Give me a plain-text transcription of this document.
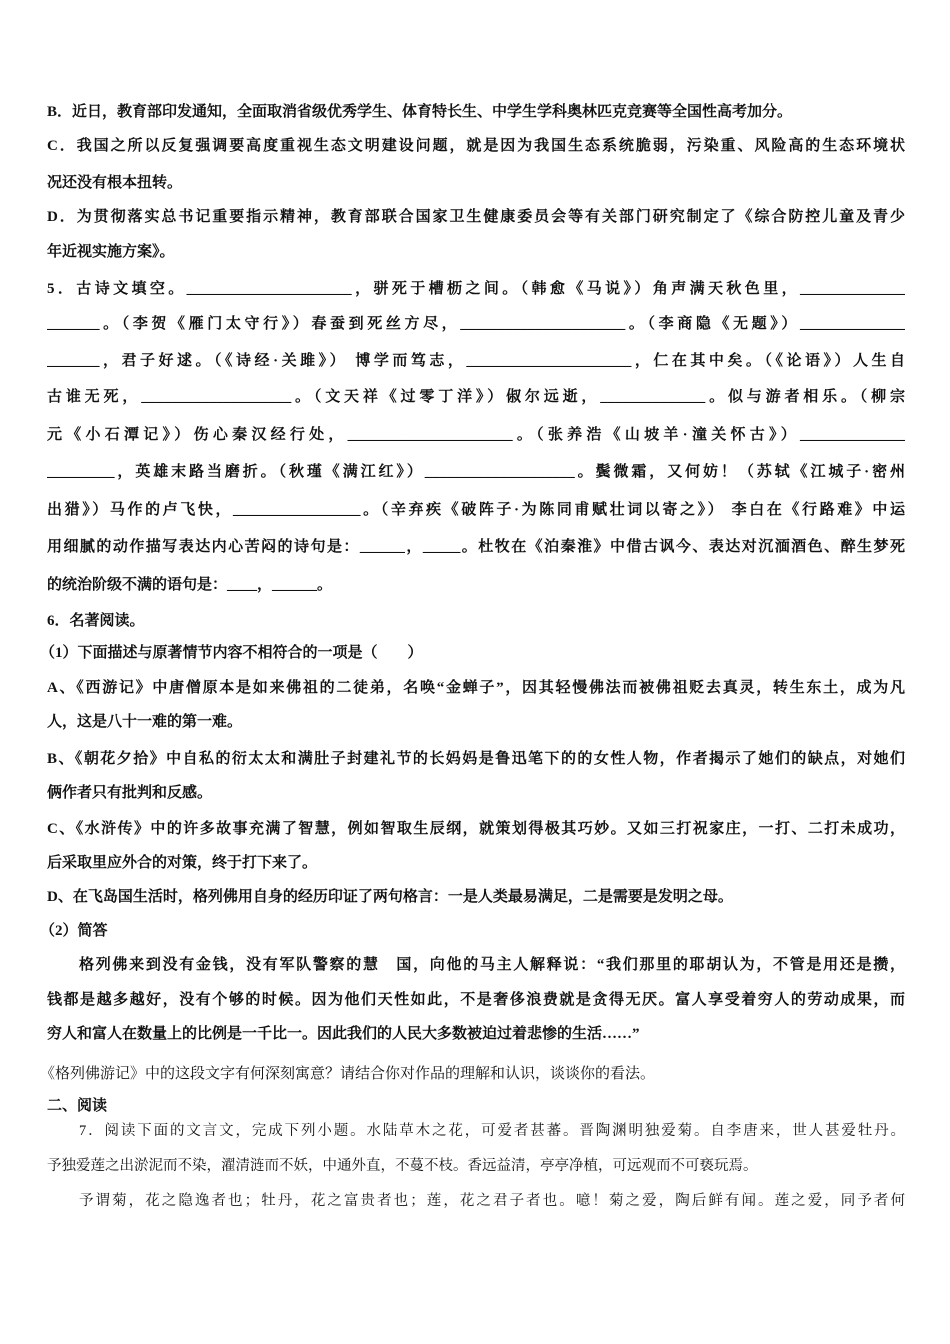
B．近日，教育部印发通知，全面取消省级优秀学生、体育特长生、中学生学科奥林匹克竞赛等全国性高考加分。
C．我国之所以反复强调要高度重视生态文明建设问题，就是因为我国生态系统脆弱，污染重、风险高的生态环境状
况还没有根本扭转。
D．为贯彻落实总书记重要指示精神，教育部联合国家卫生健康委员会等有关部门研究制定了《综合防控儿童及青少
年近视实施方案》。
5．古诗文填空。______________________，骈死于槽枥之间。（韩愈《马说》）角声满天秋色里，______________
_______。（李贺《雁门太守行》）春蚕到死丝方尽，______________________。（李商隐《无题》）______________
_______，君子好逑。（《诗经·关雎》） 博学而笃志，______________________，仁在其中矣。（《论语》）人生自
古谁无死，____________________。（文天祥《过零丁洋》）俶尔远逝，______________。似与游者相乐。（柳宗
元《小石潭记》）伤心秦汉经行处，______________________。（张养浩《山坡羊·潼关怀古》）______________
_________，英雄末路当磨折。（秋瑾《满江红》）____________________。鬓微霜，又何妨！（苏轼《江城子·密州
出猎》）马作的卢飞快，_________________。（辛弃疾《破阵子·为陈同甫赋壮词以寄之》） 李白在《行路难》中运
用细腻的动作描写表达内心苦闷的诗句是：______，_____。杜牧在《泊秦淮》中借古讽今、表达对沉湎酒色、醉生梦死
的统治阶级不满的语句是：____，______。
6．名著阅读。
（1）下面描述与原著情节内容不相符合的一项是（　　）
A、《西游记》中唐僧原本是如来佛祖的二徒弟，名唤“金蝉子”，因其轻慢佛法而被佛祖贬去真灵，转生东土，成为凡
人，这是八十一难的第一难。
B、《朝花夕拾》中自私的衍太太和满肚子封建礼节的长妈妈是鲁迅笔下的的女性人物，作者揭示了她们的缺点，对她们
俩作者只有批判和反感。
C、《水浒传》中的许多故事充满了智慧，例如智取生辰纲，就策划得极其巧妙。又如三打祝家庄，一打、二打未成功，
后采取里应外合的对策，终于打下来了。
D、在飞岛国生活时，格列佛用自身的经历印证了两句格言：一是人类最易满足，二是需要是发明之母。
（2）简答
格列佛来到没有金钱，没有军队警察的慧　国，向他的马主人解释说：“我们那里的耶胡认为，不管是用还是攒，
钱都是越多越好，没有个够的时候。因为他们天性如此，不是奢侈浪费就是贪得无厌。富人享受着穷人的劳动成果，而
穷人和富人在数量上的比例是一千比一。因此我们的人民大多数被迫过着悲惨的生活……”
《格列佛游记》中的这段文字有何深刻寓意？请结合你对作品的理解和认识，谈谈你的看法。
二、阅读
7．阅读下面的文言文，完成下列小题。水陆草木之花，可爱者甚蕃。晋陶渊明独爱菊。自李唐来，世人甚爱牡丹。
予独爱莲之出淤泥而不染，濯清涟而不妖，中通外直，不蔓不枝。香远益清，亭亭净植，可远观而不可亵玩焉。
予谓菊，花之隐逸者也；牡丹，花之富贵者也；莲，花之君子者也。噫！菊之爱，陶后鲜有闻。莲之爱，同予者何
